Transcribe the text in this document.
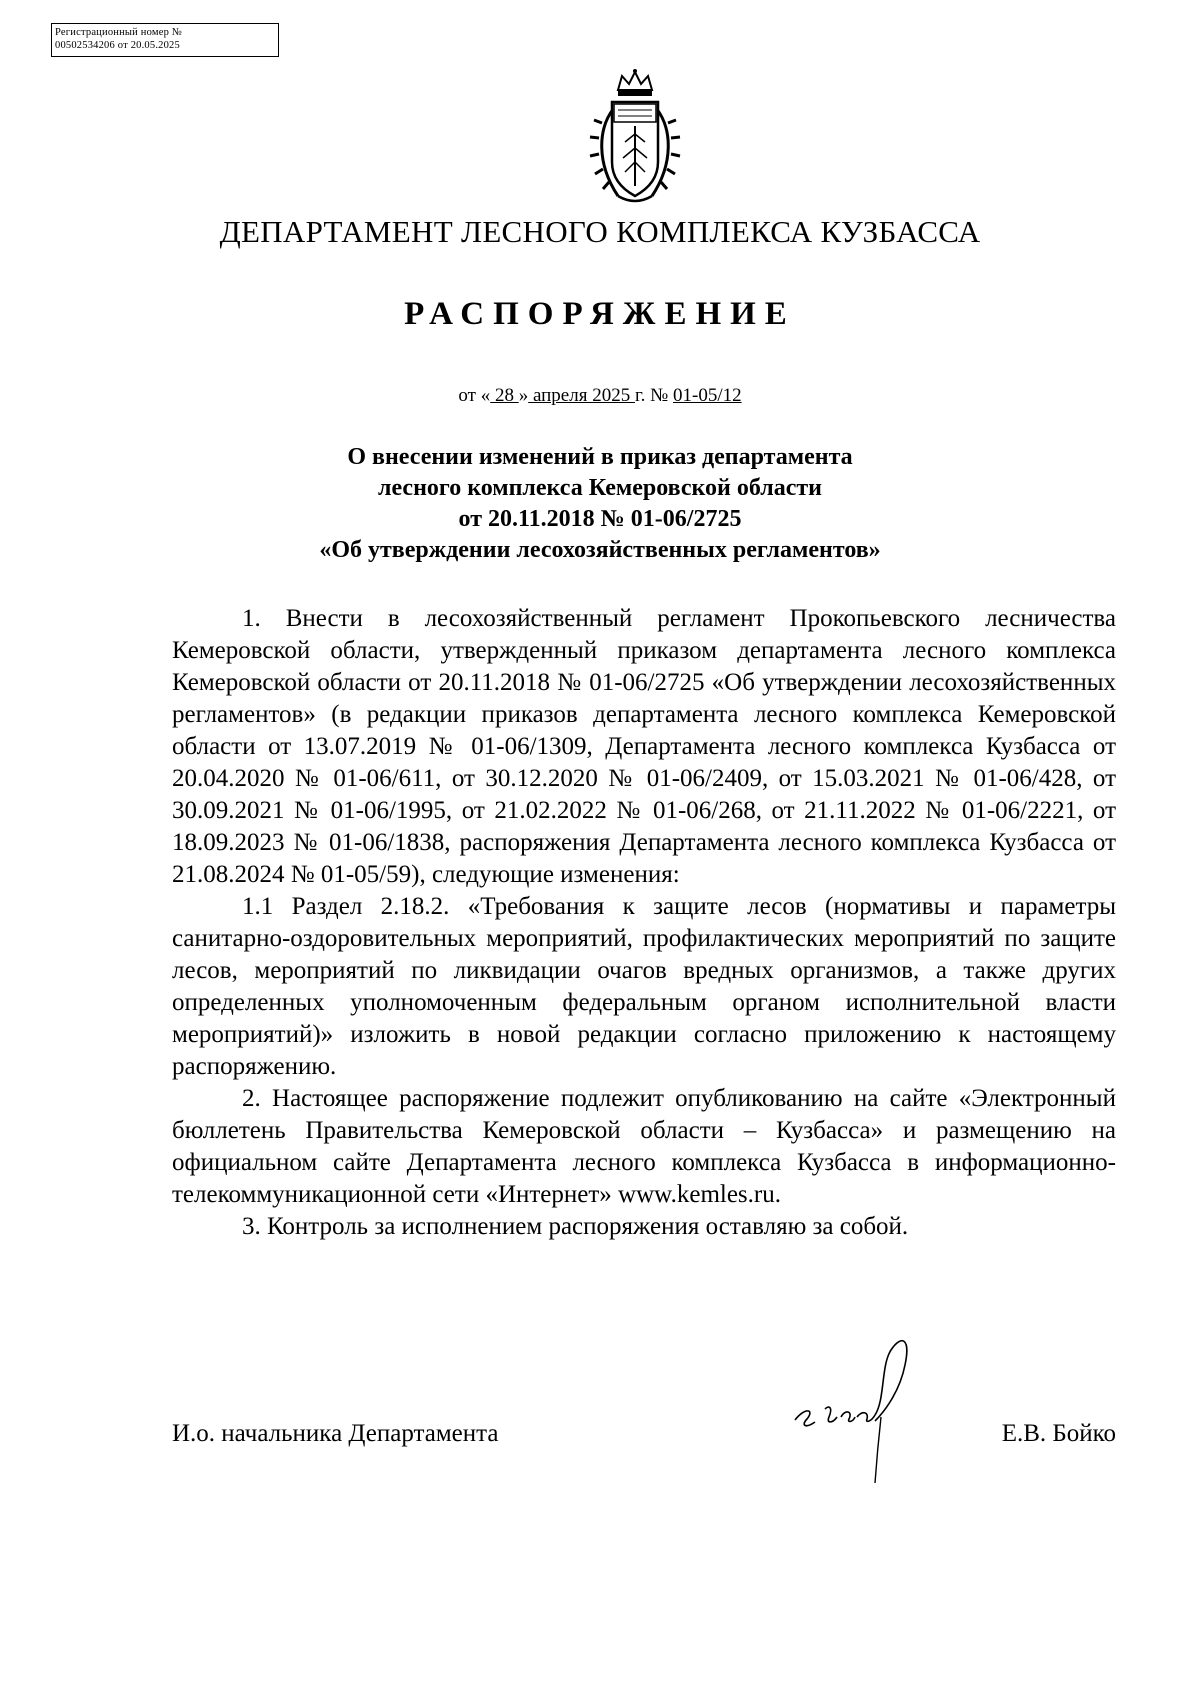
Регистрационный номер №
00502534206 от 20.05.2025
ДЕПАРТАМЕНТ ЛЕСНОГО КОМПЛЕКСА КУЗБАССА
РАСПОРЯЖЕНИЕ
от « 28 » апреля 2025 г. № 01-05/12
О внесении изменений в приказ департамента
лесного комплекса Кемеровской области
от 20.11.2018 № 01-06/2725
«Об утверждении лесохозяйственных регламентов»

1. Внести в лесохозяйственный регламент Прокопьевского лесничества Кемеровской области, утвержденный приказом департамента лесного комплекса Кемеровской области от 20.11.2018 № 01-06/2725 «Об утверждении лесохозяйственных регламентов» (в редакции приказов департамента лесного комплекса Кемеровской области от 13.07.2019 № 01-06/1309, Департамента лесного комплекса Кузбасса от 20.04.2020 № 01-06/611, от 30.12.2020 № 01-06/2409, от 15.03.2021 № 01-06/428, от 30.09.2021 № 01-06/1995, от 21.02.2022 № 01-06/268, от 21.11.2022 № 01-06/2221, от 18.09.2023 № 01-06/1838, распоряжения Департамента лесного комплекса Кузбасса от 21.08.2024 № 01-05/59), следующие изменения:

1.1 Раздел 2.18.2. «Требования к защите лесов (нормативы и параметры санитарно-оздоровительных мероприятий, профилактических мероприятий по защите лесов, мероприятий по ликвидации очагов вредных организмов, а также других определенных уполномоченным федеральным органом исполнительной власти мероприятий)» изложить в новой редакции согласно приложению к настоящему распоряжению.

2. Настоящее распоряжение подлежит опубликованию на сайте «Электронный бюллетень Правительства Кемеровской области – Кузбасса» и размещению на официальном сайте Департамента лесного комплекса Кузбасса в информационно-телекоммуникационной сети «Интернет» www.kemles.ru.

3. Контроль за исполнением распоряжения оставляю за собой.

И.о. начальника Департамента	Е.В. Бойко
